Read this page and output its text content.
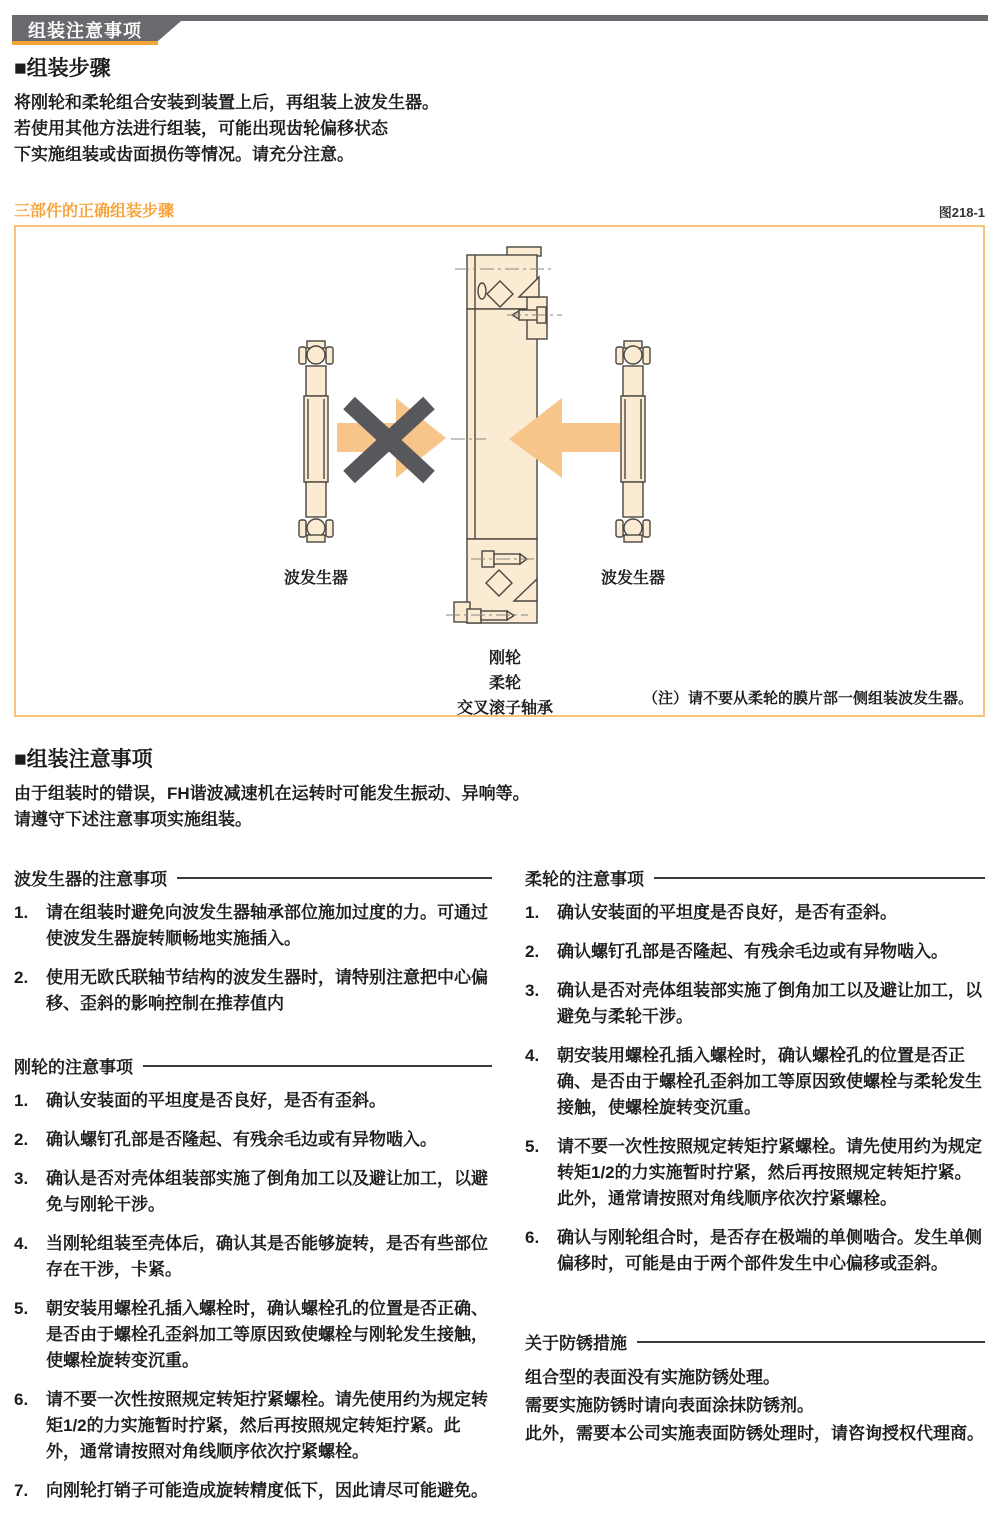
组装注意事项
■组装步骤
将刚轮和柔轮组合安装到装置上后，再组装上波发生器。
若使用其他方法进行组装，可能出现齿轮偏移状态
下实施组装或齿面损伤等情况。请充分注意。
三部件的正确组装步骤	图218-1
波发生器	波发生器
刚轮
柔轮
交叉滚子轴承
（注）请不要从柔轮的膜片部一侧组装波发生器。
■组装注意事项
由于组装时的错误，FH谐波减速机在运转时可能发生振动、异响等。
请遵守下述注意事项实施组装。
波发生器的注意事项
1.	请在组装时避免向波发生器轴承部位施加过度的力。可通过使波发生器旋转顺畅地实施插入。
2.	使用无欧氏联轴节结构的波发生器时，请特别注意把中心偏移、歪斜的影响控制在推荐值内
刚轮的注意事项
1.	确认安装面的平坦度是否良好，是否有歪斜。
2.	确认螺钉孔部是否隆起、有残余毛边或有异物啮入。
3.	确认是否对壳体组装部实施了倒角加工以及避让加工，以避免与刚轮干涉。
4.	当刚轮组装至壳体后，确认其是否能够旋转，是否有些部位存在干涉，卡紧。
5.	朝安装用螺栓孔插入螺栓时，确认螺栓孔的位置是否正确、是否由于螺栓孔歪斜加工等原因致使螺栓与刚轮发生接触，使螺栓旋转变沉重。
6.	请不要一次性按照规定转矩拧紧螺栓。请先使用约为规定转矩1/2的力实施暂时拧紧，然后再按照规定转矩拧紧。此外，通常请按照对角线顺序依次拧紧螺栓。
7.	向刚轮打销子可能造成旋转精度低下，因此请尽可能避免。
柔轮的注意事项
1.	确认安装面的平坦度是否良好，是否有歪斜。
2.	确认螺钉孔部是否隆起、有残余毛边或有异物啮入。
3.	确认是否对壳体组装部实施了倒角加工以及避让加工，以避免与柔轮干涉。
4.	朝安装用螺栓孔插入螺栓时，确认螺栓孔的位置是否正确、是否由于螺栓孔歪斜加工等原因致使螺栓与柔轮发生接触，使螺栓旋转变沉重。
5.	请不要一次性按照规定转矩拧紧螺栓。请先使用约为规定转矩1/2的力实施暂时拧紧，然后再按照规定转矩拧紧。此外，通常请按照对角线顺序依次拧紧螺栓。
6.	确认与刚轮组合时，是否存在极端的单侧啮合。发生单侧偏移时，可能是由于两个部件发生中心偏移或歪斜。
关于防锈措施
组合型的表面没有实施防锈处理。
需要实施防锈时请向表面涂抹防锈剂。
此外，需要本公司实施表面防锈处理时，请咨询授权代理商。
